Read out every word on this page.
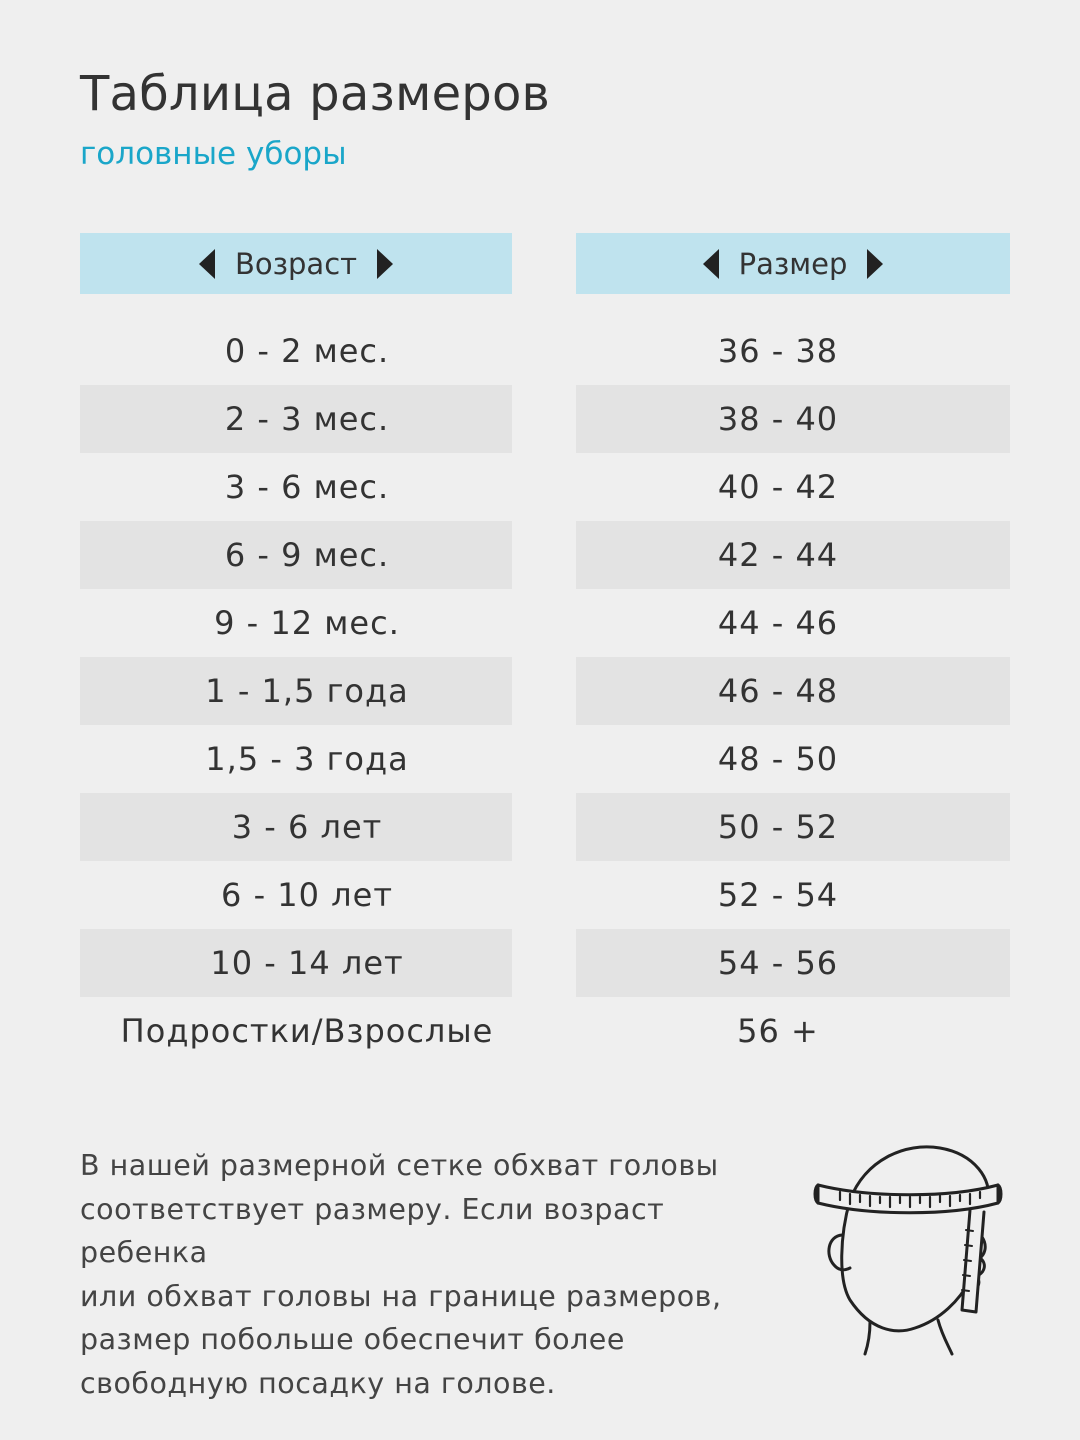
Таблица размеров
головные уборы
Возраст
0 - 2 мес.
2 - 3 мес.
3 - 6 мес.
6 - 9 мес.
9 - 12 мес.
1 - 1,5 года
1,5 - 3 года
3 - 6 лет
6 - 10 лет
10 - 14 лет
Подростки/Взрослые
Размер
36 - 38
38 - 40
40 - 42
42 - 44
44 - 46
46 - 48
48 - 50
50 - 52
52 - 54
54 - 56
56 +
В нашей размерной сетке обхват головы
соответствует размеру. Если возраст ребенка
или обхват головы на границе размеров,
размер побольше обеспечит более
свободную посадку на голове.
